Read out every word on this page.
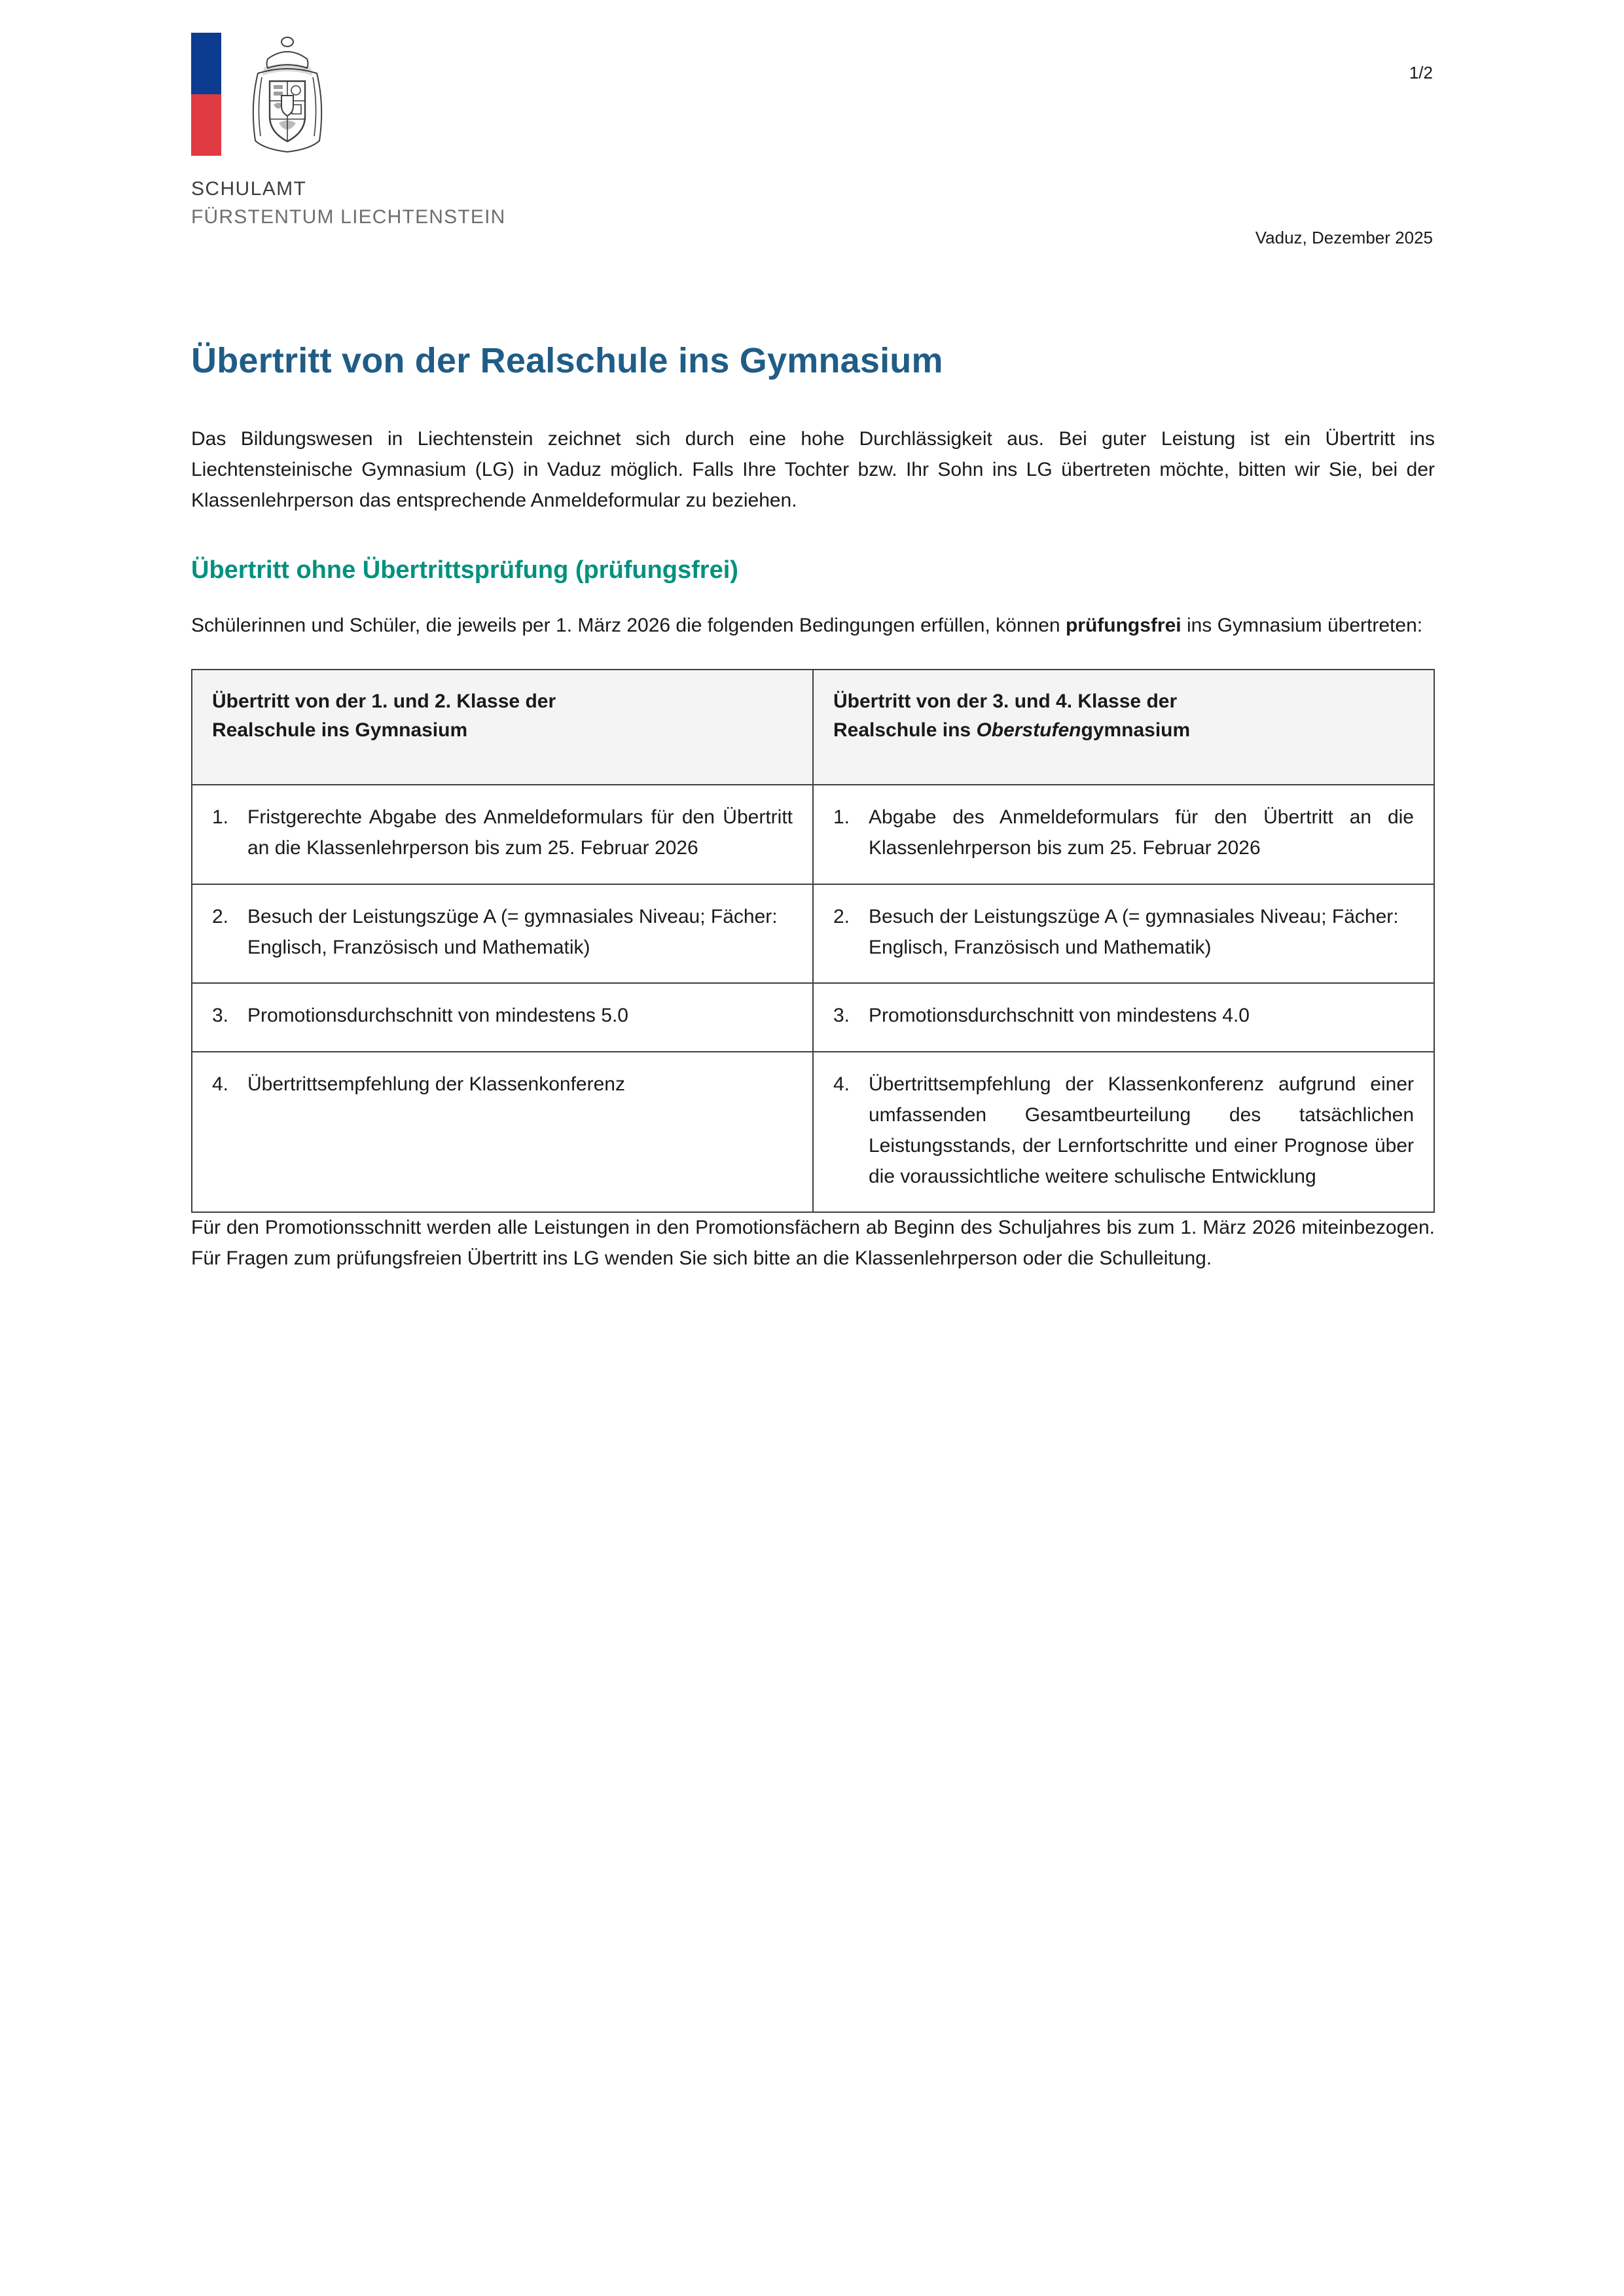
SCHULAMT
FÜRSTENTUM LIECHTENSTEIN
1/2
Vaduz, Dezember 2025
Übertritt von der Realschule ins Gymnasium

Das Bildungswesen in Liechtenstein zeichnet sich durch eine hohe Durchlässigkeit aus. Bei guter Leistung ist ein Übertritt ins Liechtensteinische Gymnasium (LG) in Vaduz möglich. Falls Ihre Tochter bzw. Ihr Sohn ins LG übertreten möchte, bitten wir Sie, bei der Klassenlehrperson das entsprechende Anmeldeformular zu beziehen.

Übertritt ohne Übertrittsprüfung (prüfungsfrei)

Schülerinnen und Schüler, die jeweils per 1. März 2026 die folgenden Bedingungen erfüllen, können prüfungsfrei ins Gymnasium übertreten:

Übertritt von der 1. und 2. Klasse der
Realschule ins Gymnasium	Übertritt von der 3. und 4. Klasse der
Realschule ins Oberstufengymnasium

1. Fristgerechte Abgabe des Anmeldeformulars für den Übertritt an die Klassenlehrperson bis zum 25. Februar 2026	1. Abgabe des Anmeldeformulars für den Übertritt an die Klassenlehrperson bis zum 25. Februar 2026

2. Besuch der Leistungszüge A (= gymnasiales Niveau; Fächer: Englisch, Französisch und Mathematik)	2. Besuch der Leistungszüge A (= gymnasiales Niveau; Fächer: Englisch, Französisch und Mathematik)

3. Promotionsdurchschnitt von mindestens 5.0	3. Promotionsdurchschnitt von mindestens 4.0

4. Übertrittsempfehlung der Klassenkonferenz	4. Übertrittsempfehlung der Klassenkonferenz aufgrund einer umfassenden Gesamtbeurteilung des tatsächlichen Leistungsstands, der Lernfortschritte und einer Prognose über die voraussichtliche weitere schulische Entwicklung

Für den Promotionsschnitt werden alle Leistungen in den Promotionsfächern ab Beginn des Schuljahres bis zum 1. März 2026 miteinbezogen. Für Fragen zum prüfungsfreien Übertritt ins LG wenden Sie sich bitte an die Klassenlehrperson oder die Schulleitung.
